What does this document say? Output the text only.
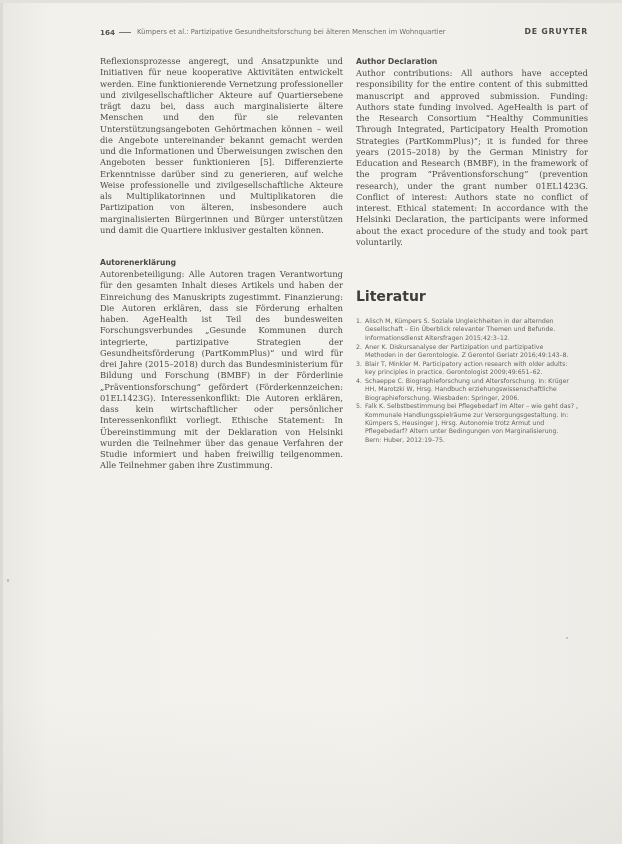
164	Kümpers et al.: Partizipative Gesundheitsforschung bei älteren Menschen im Wohnquartier	DE GRUYTER

Reflexionsprozesse angeregt, und Ansatzpunkte und Initiativen für neue kooperative Aktivitäten entwickelt werden. Eine funktionierende Vernetzung professioneller und zivilgesellschaftlicher Akteure auf Quartiersebene trägt dazu bei, dass auch marginalisierte ältere Menschen und den für sie relevanten Unterstützungsangeboten Gehörtmachen können – weil die Angebote untereinander bekannt gemacht werden und die Informationen und Überweisungen zwischen den Angeboten besser funktionieren [5]. Differenzierte Erkenntnisse darüber sind zu generieren, auf welche Weise professionelle und zivilgesellschaftliche Akteure als Multiplikatorinnen und Multiplikatoren die Partizipation von älteren, insbesondere auch marginalisierten Bürgerinnen und Bürger unterstützen und damit die Quartiere inklusiver gestalten können.

Autorenerklärung

Autorenbeteiligung: Alle Autoren tragen Verantwortung für den gesamten Inhalt dieses Artikels und haben der Einreichung des Manuskripts zugestimmt. Finanzierung: Die Autoren erklären, dass sie Förderung erhalten haben. AgeHealth ist Teil des bundesweiten Forschungsverbundes „Gesunde Kommunen durch integrierte, partizipative Strategien der Gesundheitsförderung (PartKommPlus)“ und wird für drei Jahre (2015–2018) durch das Bundesministerium für Bildung und Forschung (BMBF) in der Förderlinie „Präventionsforschung“ gefördert (Förderkennzeichen: 01EL1423G). Interessenkonflikt: Die Autoren erklären, dass kein wirtschaftlicher oder persönlicher Interessenkonflikt vorliegt. Ethische Statement: In Übereinstimmung mit der Deklaration von Helsinki wurden die Teilnehmer über das genaue Verfahren der Studie informiert und haben freiwillig teilgenommen. Alle Teilnehmer gaben ihre Zustimmung.

Author Declaration

Author contributions: All authors have accepted responsibility for the entire content of this submitted manuscript and approved submission. Funding: Authors state funding involved. AgeHealth is part of the Research Consortium “Healthy Communities Through Integrated, Participatory Health Promotion Strategies (PartKommPlus)”; it is funded for three years (2015–2018) by the German Ministry for Education and Research (BMBF), in the framework of the program “Präventionsforschung” (prevention research), under the grant number 01EL1423G. Conflict of interest: Authors state no conflict of interest. Ethical statement: In accordance with the Helsinki Declaration, the participants were informed about the exact procedure of the study and took part voluntarily.

Literatur
1. Alisch M, Kümpers S. Soziale Ungleichheiten in der alternden Gesellschaft – Ein Überblick relevanter Themen und Befunde. Informationsdienst Altersfragen 2015;42:3–12.
2. Aner K. Diskursanalyse der Partizipation und partizipative Methoden in der Gerontologie. Z Gerontol Geriatr 2016;49:143–8.
3. Blair T, Minkler M. Participatory action research with older adults: key principles in practice. Gerontologist 2009;49:651–62.
4. Schaeppe C. Biographieforschung und Altersforschung. In: Krüger HH, Marotzki W, Hrsg. Handbuch erziehungswissenschaftliche Biographieforschung. Wiesbaden: Springer, 2006.
5. Falk K. Selbstbestimmung bei Pflegebedarf im Alter – wie geht das? Kommunale Handlungsspielräume zur Versorgungsgestaltung. In: Kümpers S, Heusinger J, Hrsg. Autonomie trotz Armut und Pflegebedarf? Altern unter Bedingungen von Marginalisierung. Bern: Huber, 2012:19–75.
